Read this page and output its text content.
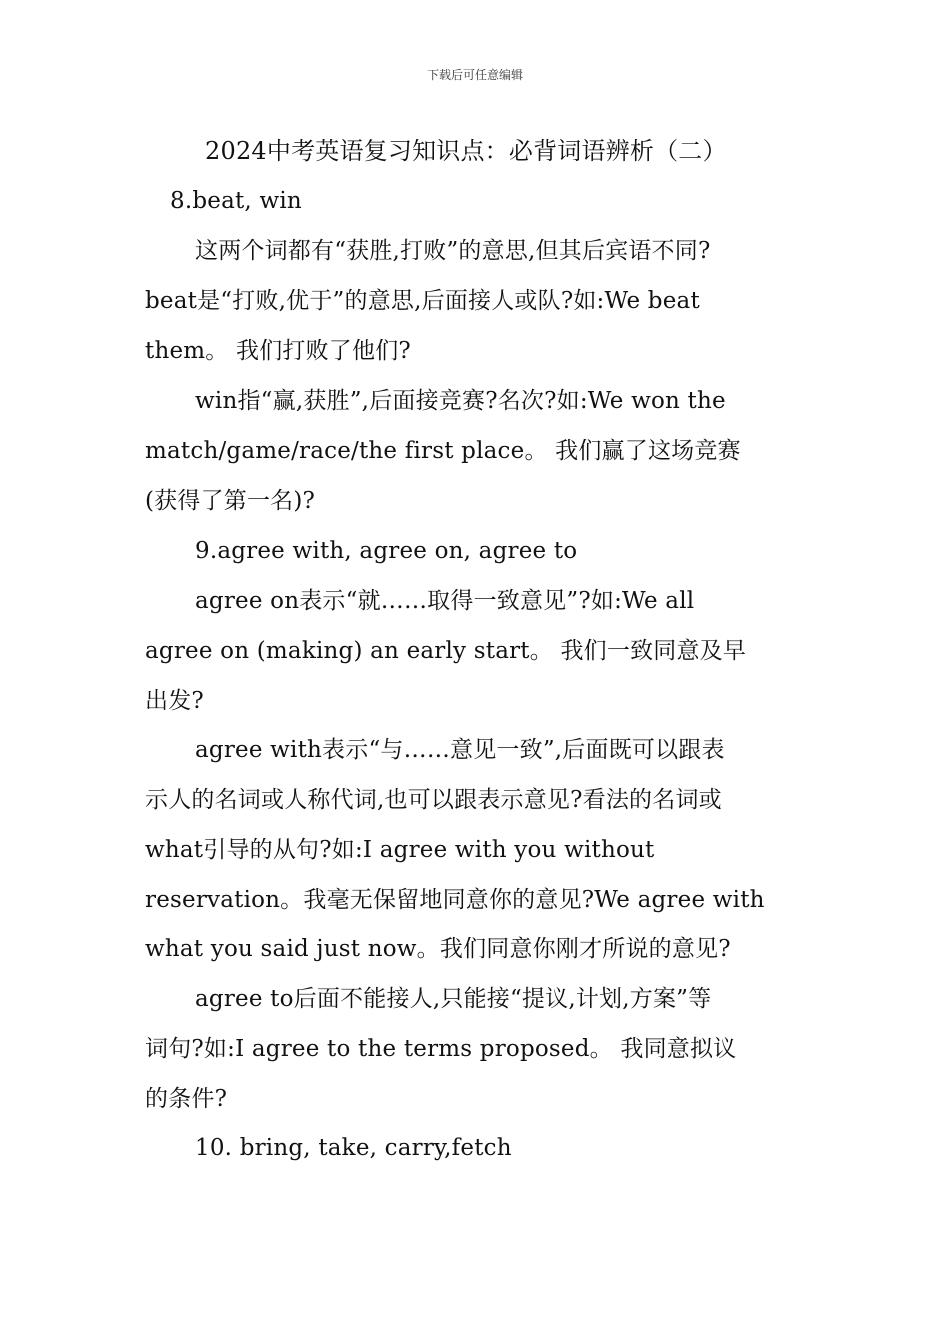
下载后可任意编辑
2024中考英语复习知识点：必背词语辨析（二）
8.beat, win
这两个词都有“获胜,打败”的意思,但其后宾语不同?
beat是“打败,优于”的意思,后面接人或队?如:We beat
them。 我们打败了他们?
win指“赢,获胜”,后面接竞赛?名次?如:We won the
match/game/race/the first place。 我们赢了这场竞赛
(获得了第一名)?
9.agree with, agree on, agree to
agree on表示“就……取得一致意见”?如:We all
agree on (making) an early start。 我们一致同意及早
出发?
agree with表示“与……意见一致”,后面既可以跟表
示人的名词或人称代词,也可以跟表示意见?看法的名词或
what引导的从句?如:I agree with you without
reservation。我毫无保留地同意你的意见?We agree with
what you said just now。我们同意你刚才所说的意见?
agree to后面不能接人,只能接“提议,计划,方案”等
词句?如:I agree to the terms proposed。 我同意拟议
的条件?
10. bring, take, carry,fetch
